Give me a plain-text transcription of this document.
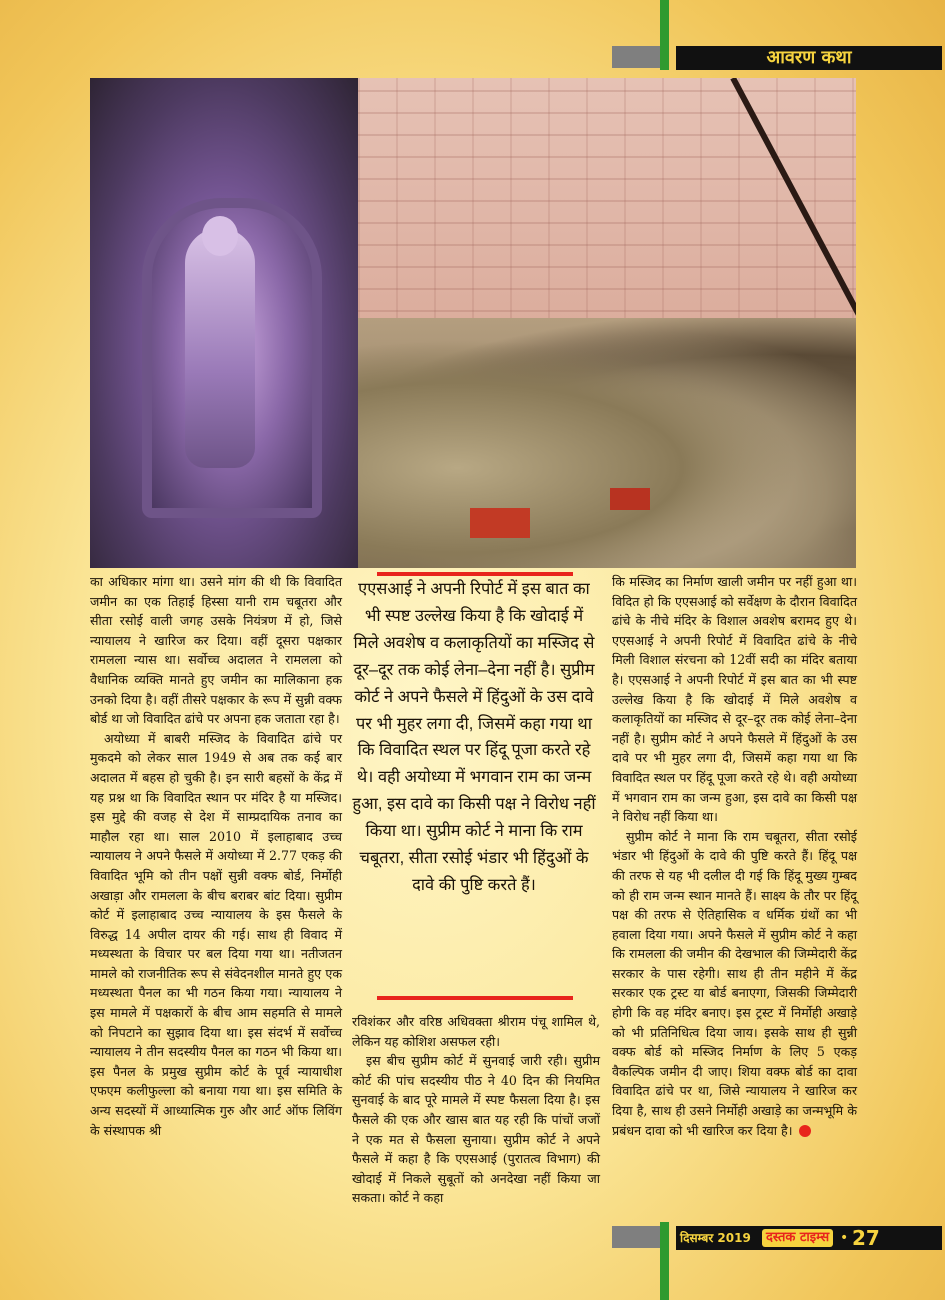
आवरण कथा

का अधिकार मांगा था। उसने मांग की थी कि विवादित जमीन का एक तिहाई हिस्सा यानी राम चबूतरा और सीता रसोई वाली जगह उसके नियंत्रण में हो, जिसे न्यायालय ने खारिज कर दिया। वहीं दूसरा पक्षकार रामलला न्यास था। सर्वोच्च अदालत ने रामलला को वैधानिक व्यक्ति मानते हुए जमीन का मालिकाना हक उनको दिया है। वहीं तीसरे पक्षकार के रूप में सुन्नी वक्फ बोर्ड था जो विवादित ढांचे पर अपना हक जताता रहा है।

अयोध्या में बाबरी मस्जिद के विवादित ढांचे पर मुकदमे को लेकर साल 1949 से अब तक कई बार अदालत में बहस हो चुकी है। इन सारी बहसों के केंद्र में यह प्रश्न था कि विवादित स्थान पर मंदिर है या मस्जिद। इस मुद्दे की वजह से देश में साम्प्रदायिक तनाव का माहौल रहा था। साल 2010 में इलाहाबाद उच्च न्यायालय ने अपने फैसले में अयोध्या में 2.77 एकड़ की विवादित भूमि को तीन पक्षों सुन्नी वक्फ बोर्ड, निर्मोही अखाड़ा और रामलला के बीच बराबर बांट दिया। सुप्रीम कोर्ट में इलाहाबाद उच्च न्यायालय के इस फैसले के विरुद्ध 14 अपील दायर की गई। साथ ही विवाद में मध्यस्थता के विचार पर बल दिया गया था। नतीजतन मामले को राजनीतिक रूप से संवेदनशील मानते हुए एक मध्यस्थता पैनल का भी गठन किया गया। न्यायालय ने इस मामले में पक्षकारों के बीच आम सहमति से मामले को निपटाने का सुझाव दिया था। इस संदर्भ में सर्वोच्च न्यायालय ने तीन सदस्यीय पैनल का गठन भी किया था। इस पैनल के प्रमुख सुप्रीम कोर्ट के पूर्व न्यायाधीश एफएम कलीफुल्ला को बनाया गया था। इस समिति के अन्य सदस्यों में आध्यात्मिक गुरु और आर्ट ऑफ लिविंग के संस्थापक श्री

एएसआई ने अपनी रिपोर्ट में इस बात का भी स्पष्ट उल्लेख किया है कि खोदाई में मिले अवशेष व कलाकृतियों का मस्जिद से दूर–दूर तक कोई लेना–देना नहीं है। सुप्रीम कोर्ट ने अपने फैसले में हिंदुओं के उस दावे पर भी मुहर लगा दी, जिसमें कहा गया था कि विवादित स्थल पर हिंदू पूजा करते रहे थे। वही अयोध्या में भगवान राम का जन्म हुआ, इस दावे का किसी पक्ष ने विरोध नहीं किया था। सुप्रीम कोर्ट ने माना कि राम चबूतरा, सीता रसोई भंडार भी हिंदुओं के दावे की पुष्टि करते हैं।

रविशंकर और वरिष्ठ अधिवक्ता श्रीराम पंचू शामिल थे, लेकिन यह कोशिश असफल रही।

इस बीच सुप्रीम कोर्ट में सुनवाई जारी रही। सुप्रीम कोर्ट की पांच सदस्यीय पीठ ने 40 दिन की नियमित सुनवाई के बाद पूरे मामले में स्पष्ट फैसला दिया है। इस फैसले की एक और खास बात यह रही कि पांचों जजों ने एक मत से फैसला सुनाया। सुप्रीम कोर्ट ने अपने फैसले में कहा है कि एएसआई (पुरातत्व विभाग) की खोदाई में निकले सुबूतों को अनदेखा नहीं किया जा सकता। कोर्ट ने कहा

कि मस्जिद का निर्माण खाली जमीन पर नहीं हुआ था। विदित हो कि एएसआई को सर्वेक्षण के दौरान विवादित ढांचे के नीचे मंदिर के विशाल अवशेष बरामद हुए थे। एएसआई ने अपनी रिपोर्ट में विवादित ढांचे के नीचे मिली विशाल संरचना को 12वीं सदी का मंदिर बताया है। एएसआई ने अपनी रिपोर्ट में इस बात का भी स्पष्ट उल्लेख किया है कि खोदाई में मिले अवशेष व कलाकृतियों का मस्जिद से दूर–दूर तक कोई लेना–देना नहीं है। सुप्रीम कोर्ट ने अपने फैसले में हिंदुओं के उस दावे पर भी मुहर लगा दी, जिसमें कहा गया था कि विवादित स्थल पर हिंदू पूजा करते रहे थे। वही अयोध्या में भगवान राम का जन्म हुआ, इस दावे का किसी पक्ष ने विरोध नहीं किया था।

सुप्रीम कोर्ट ने माना कि राम चबूतरा, सीता रसोई भंडार भी हिंदुओं के दावे की पुष्टि करते हैं। हिंदू पक्ष की तरफ से यह भी दलील दी गई कि हिंदू मुख्य गुम्बद को ही राम जन्म स्थान मानते हैं। साक्ष्य के तौर पर हिंदू पक्ष की तरफ से ऐतिहासिक व धर्मिक ग्रंथों का भी हवाला दिया गया। अपने फैसले में सुप्रीम कोर्ट ने कहा कि रामलला की जमीन की देखभाल की जिम्मेदारी केंद्र सरकार के पास रहेगी। साथ ही तीन महीने में केंद्र सरकार एक ट्रस्ट या बोर्ड बनाएगा, जिसकी जिम्मेदारी होगी कि वह मंदिर बनाए। इस ट्रस्ट में निर्मोही अखाड़े को भी प्रतिनिधित्व दिया जाय। इसके साथ ही सुन्नी वक्फ बोर्ड को मस्जिद निर्माण के लिए 5 एकड़ वैकल्पिक जमीन दी जाए। शिया वक्फ बोर्ड का दावा विवादित ढांचे पर था, जिसे न्यायालय ने खारिज कर दिया है, साथ ही उसने निर्मोही अखाड़े का जन्मभूमि के प्रबंधन दावा को भी खारिज कर दिया है।

दिसम्बर 2019	दस्तक टाइम्स • 27
